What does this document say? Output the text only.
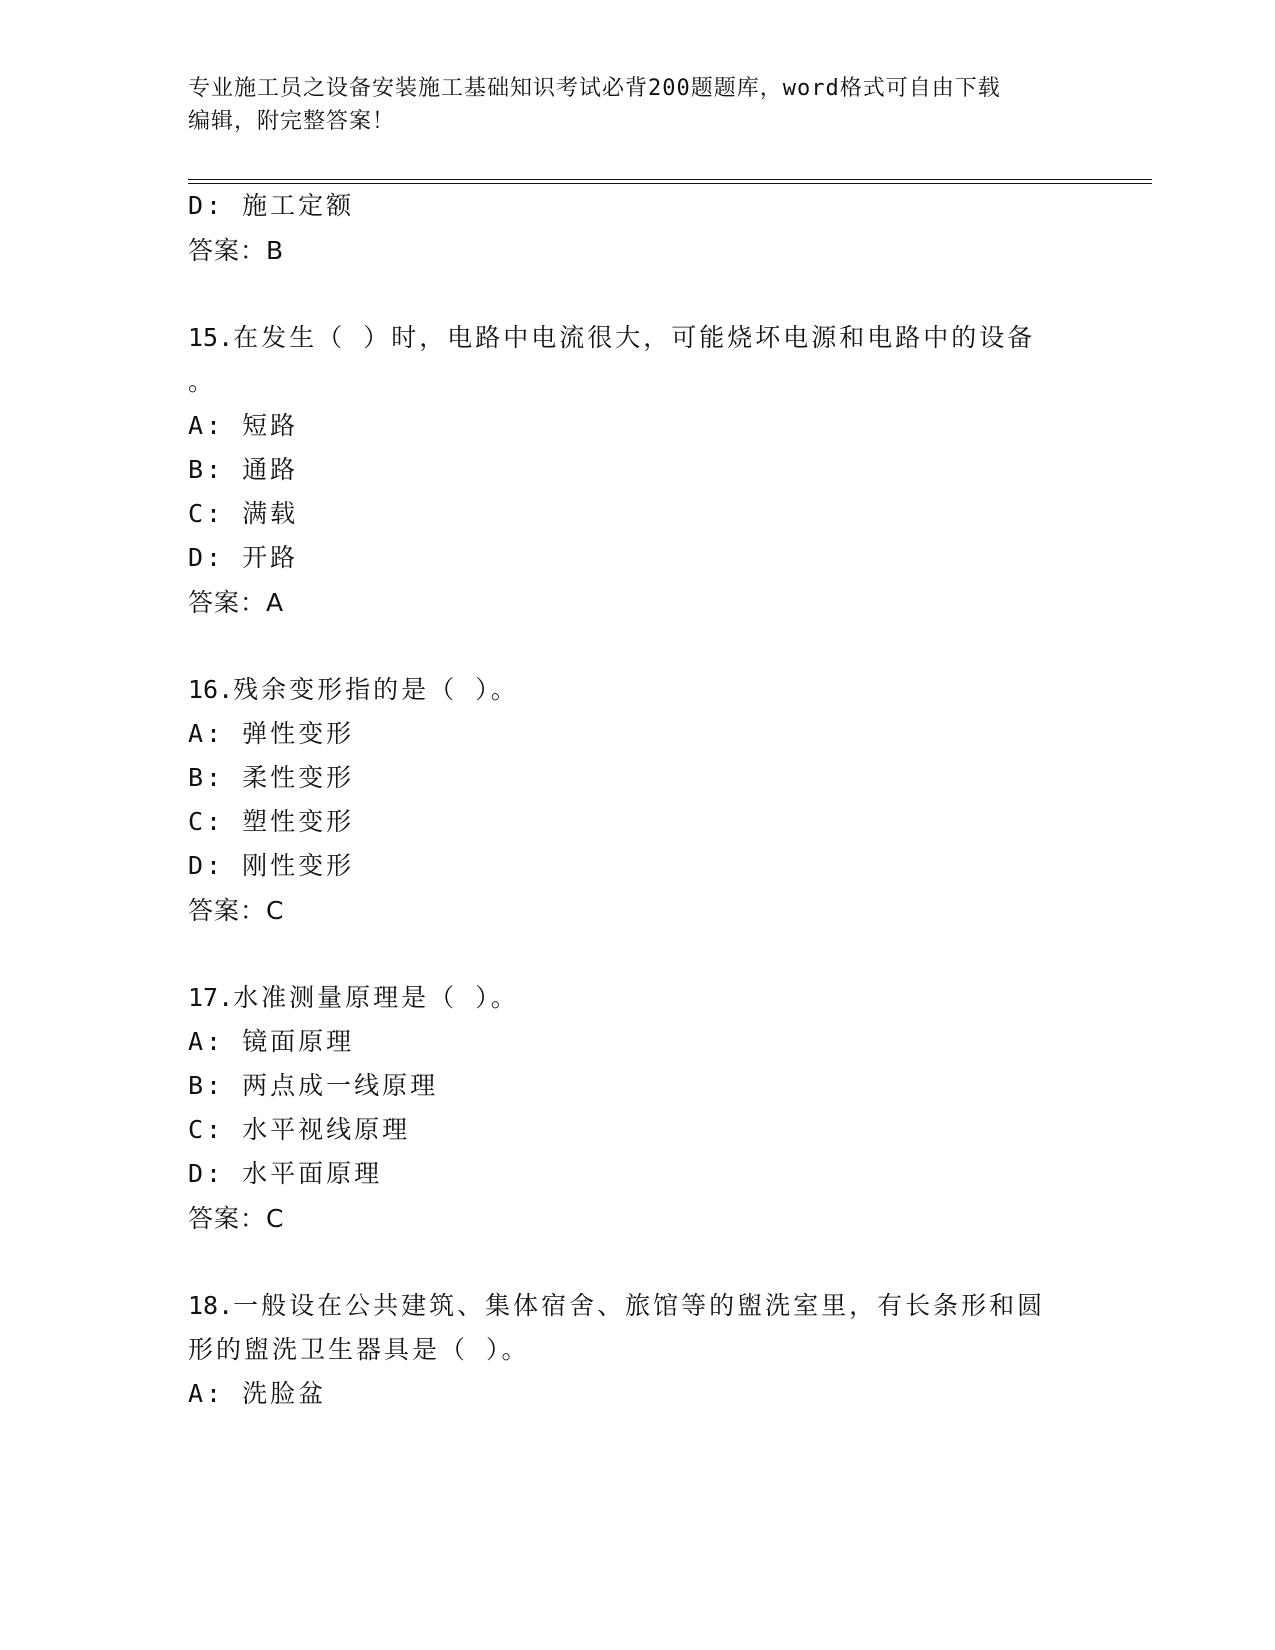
专业施工员之设备安装施工基础知识考试必背200题题库，word格式可自由下载
编辑，附完整答案！
D: 施工定额
答案：B
15.在发生（ ）时，电路中电流很大，可能烧坏电源和电路中的设备
。
A: 短路
B: 通路
C: 满载
D: 开路
答案：A
16.残余变形指的是（ ）。
A: 弹性变形
B: 柔性变形
C: 塑性变形
D: 刚性变形
答案：C
17.水准测量原理是（ ）。
A: 镜面原理
B: 两点成一线原理
C: 水平视线原理
D: 水平面原理
答案：C
18.一般设在公共建筑、集体宿舍、旅馆等的盥洗室里，有长条形和圆
形的盥洗卫生器具是（ ）。
A: 洗脸盆
